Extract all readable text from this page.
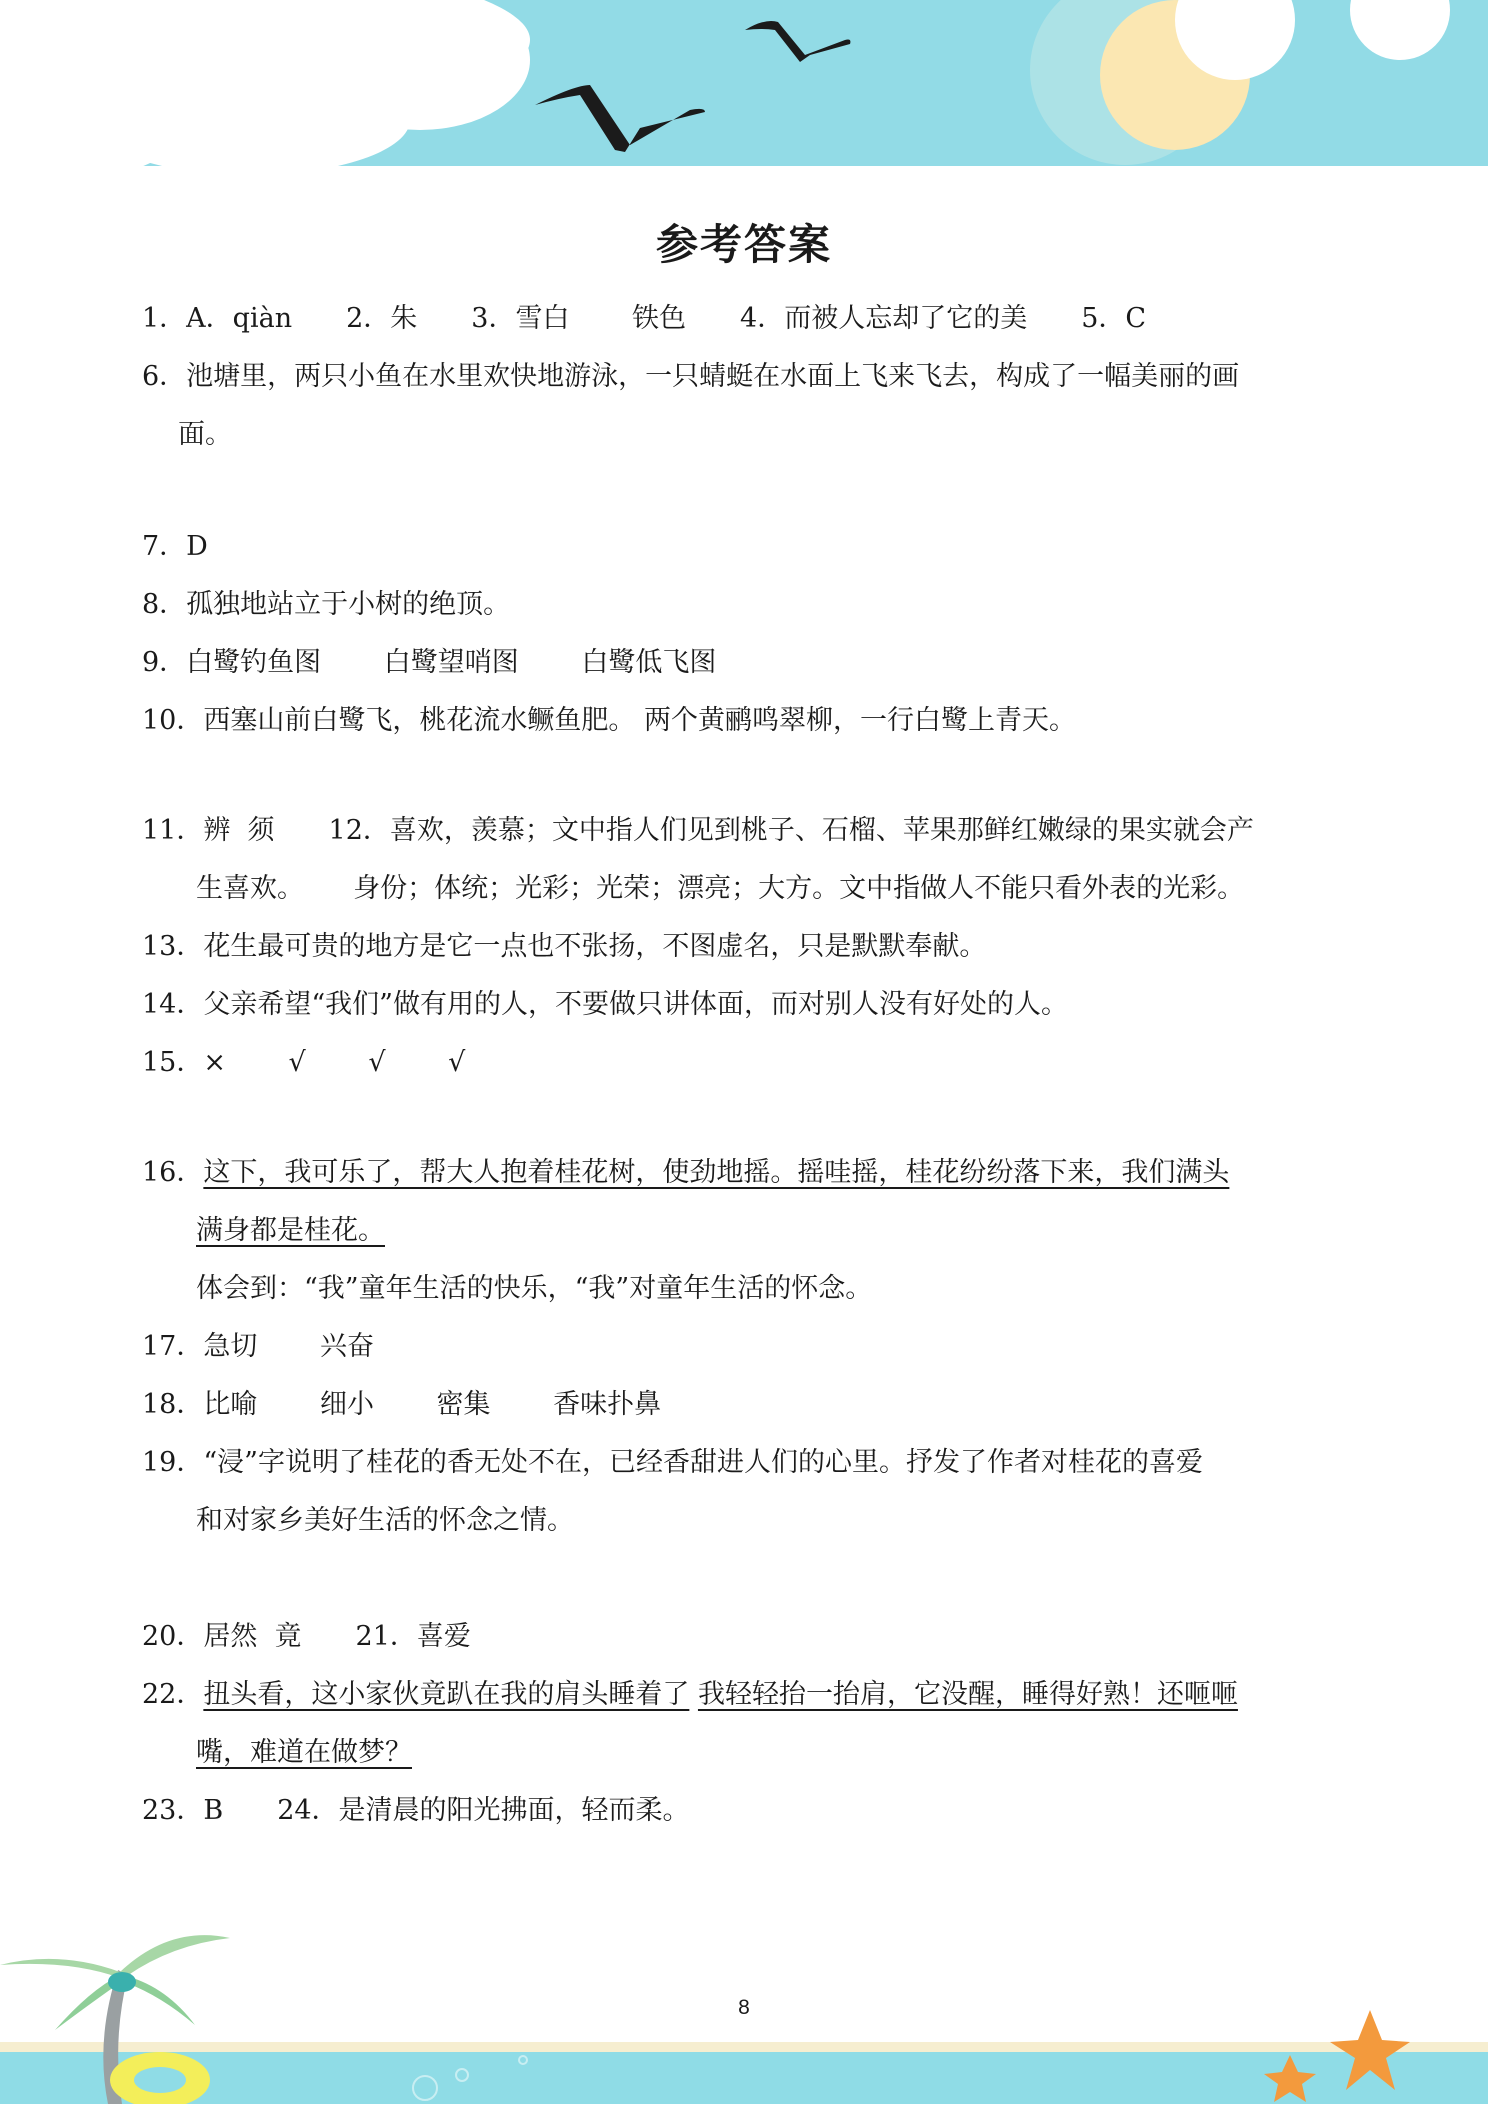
参考答案
1．A．qiàn　　2．朱　　3．雪白　　 铁色　　4．而被人忘却了它的美　　5．C
6．池塘里，两只小鱼在水里欢快地游泳，一只蜻蜓在水面上飞来飞去，构成了一幅美丽的画
面。
7．D
8．孤独地站立于小树的绝顶。
9．白鹭钓鱼图　　 白鹭望哨图　　 白鹭低飞图
10．西塞山前白鹭飞，桃花流水鳜鱼肥。 两个黄鹂鸣翠柳，一行白鹭上青天。
11．辨  须　　12．喜欢，羡慕；文中指人们见到桃子、石榴、苹果那鲜红嫩绿的果实就会产
生喜欢。　　 身份；体统；光彩；光荣；漂亮；大方。文中指做人不能只看外表的光彩。
13．花生最可贵的地方是它一点也不张扬，不图虚名，只是默默奉献。
14．父亲希望“我们”做有用的人，不要做只讲体面，而对别人没有好处的人。
15．×　　 √　　 √　　 √
16．这下，我可乐了，帮大人抱着桂花树，使劲地摇。摇哇摇，桂花纷纷落下来，我们满头
满身都是桂花。
体会到：“我”童年生活的快乐，“我”对童年生活的怀念。
17．急切　　 兴奋
18．比喻　　 细小　　 密集　　 香味扑鼻
19．“浸”字说明了桂花的香无处不在，已经香甜进人们的心里。抒发了作者对桂花的喜爱
和对家乡美好生活的怀念之情。
20．居然  竟　　21．喜爱
22．扭头看，这小家伙竟趴在我的肩头睡着了 我轻轻抬一抬肩，它没醒，睡得好熟！还咂咂
嘴，难道在做梦？
23．B　　24．是清晨的阳光拂面，轻而柔。
8
